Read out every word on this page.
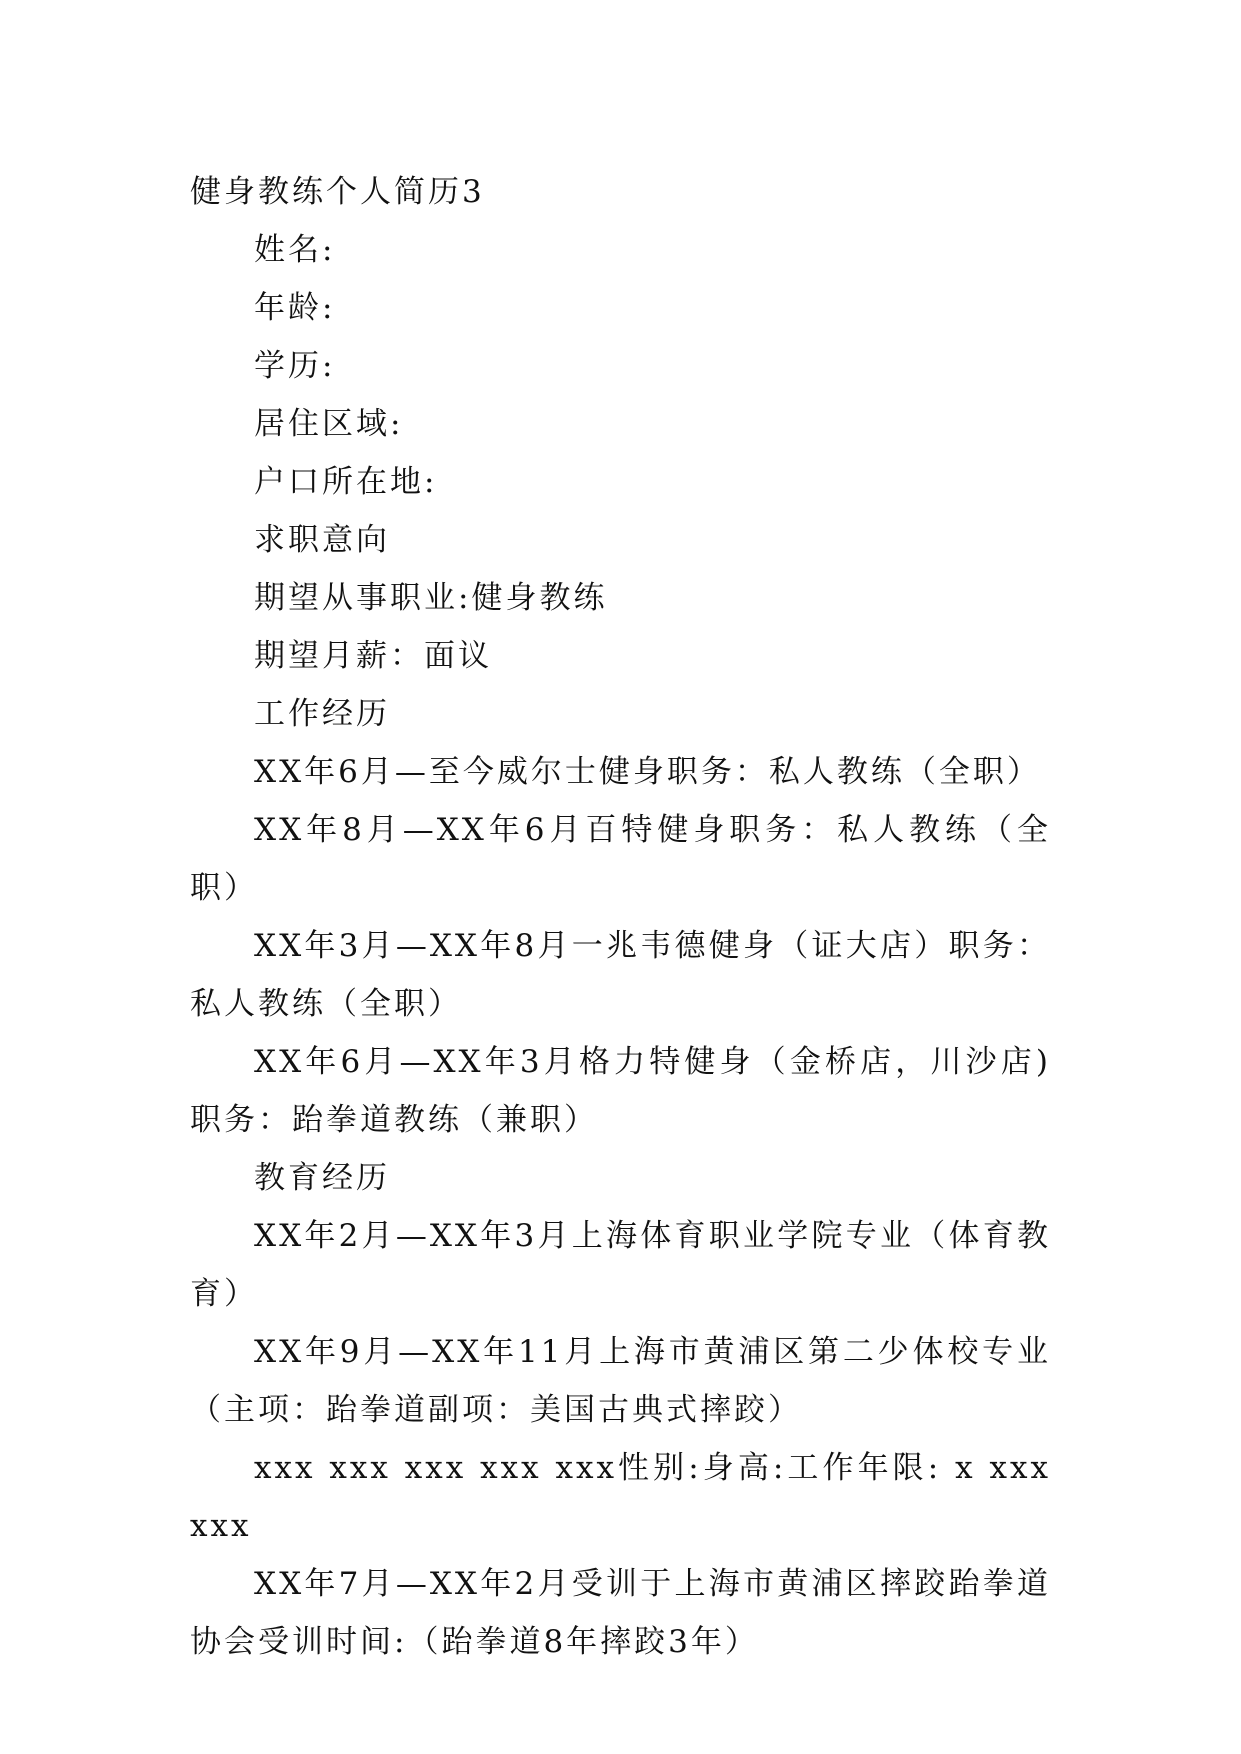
健身教练个人简历3

姓名:

年龄:

学历:

居住区域:

户口所在地:

求职意向

期望从事职业:健身教练

期望月薪：面议

工作经历

XX年6月—至今威尔士健身职务：私人教练（全职）

XX年8月—XX年6月百特健身职务：私人教练（全职）

XX年3月—XX年8月一兆韦德健身（证大店）职务：私人教练（全职）

XX年6月—XX年3月格力特健身（金桥店，川沙店)职务：跆拳道教练（兼职）

教育经历

XX年2月—XX年3月上海体育职业学院专业（体育教育）

XX年9月—XX年11月上海市黄浦区第二少体校专业（主项：跆拳道副项：美国古典式摔跤）

xxx xxx xxx xxx xxx性别:身高:工作年限: x xxx xxx

XX年7月—XX年2月受训于上海市黄浦区摔跤跆拳道协会受训时间:（跆拳道8年摔跤3年）
